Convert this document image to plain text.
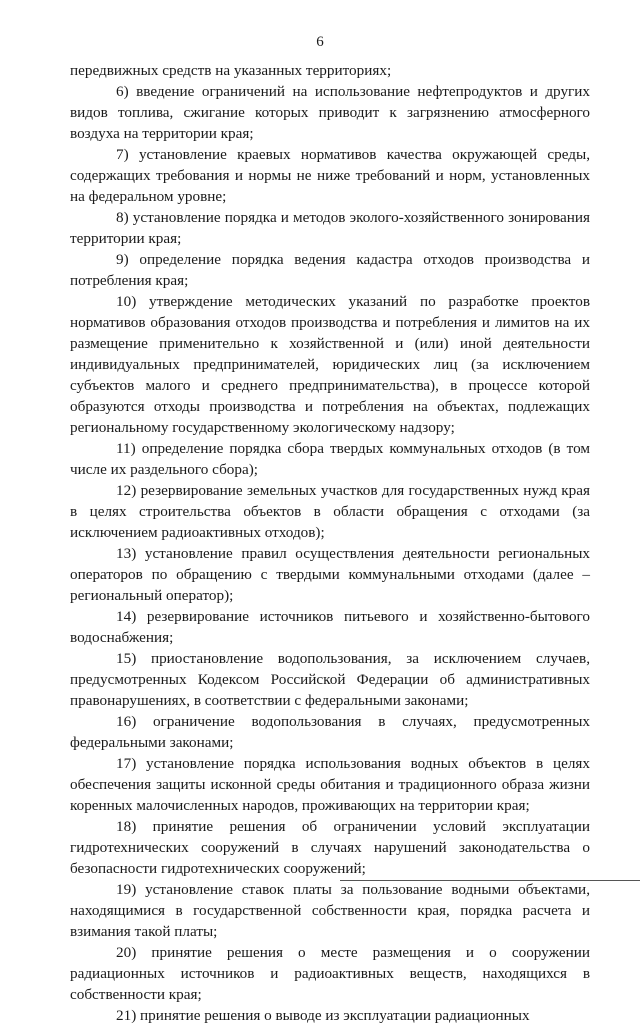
6

передвижных средств на указанных территориях;

6) введение ограничений на использование нефтепродуктов и других видов топлива, сжигание которых приводит к загрязнению атмосферного воздуха на территории края;

7) установление краевых нормативов качества окружающей среды, содержащих требования и нормы не ниже требований и норм, установленных на федеральном уровне;

8) установление порядка и методов эколого-хозяйственного зонирования территории края;

9) определение порядка ведения кадастра отходов производства и потребления края;

10) утверждение методических указаний по разработке проектов нормативов образования отходов производства и потребления и лимитов на их размещение применительно к хозяйственной и (или) иной деятельности индивидуальных предпринимателей, юридических лиц (за исключением субъектов малого и среднего предпринимательства), в процессе которой образуются отходы производства и потребления на объектах, подлежащих региональному государственному экологическому надзору;

11) определение порядка сбора твердых коммунальных отходов (в том числе их раздельного сбора);

12) резервирование земельных участков для государственных нужд края в целях строительства объектов в области обращения с отходами (за исключением радиоактивных отходов);

13) установление правил осуществления деятельности региональных операторов по обращению с твердыми коммунальными отходами (далее – региональный оператор);

14) резервирование источников питьевого и хозяйственно-бытового водоснабжения;

15) приостановление водопользования, за исключением случаев, предусмотренных Кодексом Российской Федерации об административных правонарушениях, в соответствии с федеральными законами;

16) ограничение водопользования в случаях, предусмотренных федеральными законами;

17) установление порядка использования водных объектов в целях обеспечения защиты исконной среды обитания и традиционного образа жизни коренных малочисленных народов, проживающих на территории края;

18) принятие решения об ограничении условий эксплуатации гидротехнических сооружений в случаях нарушений законодательства о безопасности гидротехнических сооружений;

19) установление ставок платы за пользование водными объектами, находящимися в государственной собственности края, порядка расчета и взимания такой платы;

20) принятие решения о месте размещения и о сооружении радиационных источников и радиоактивных веществ, находящихся в собственности края;

21) принятие решения о выводе из эксплуатации радиационных
